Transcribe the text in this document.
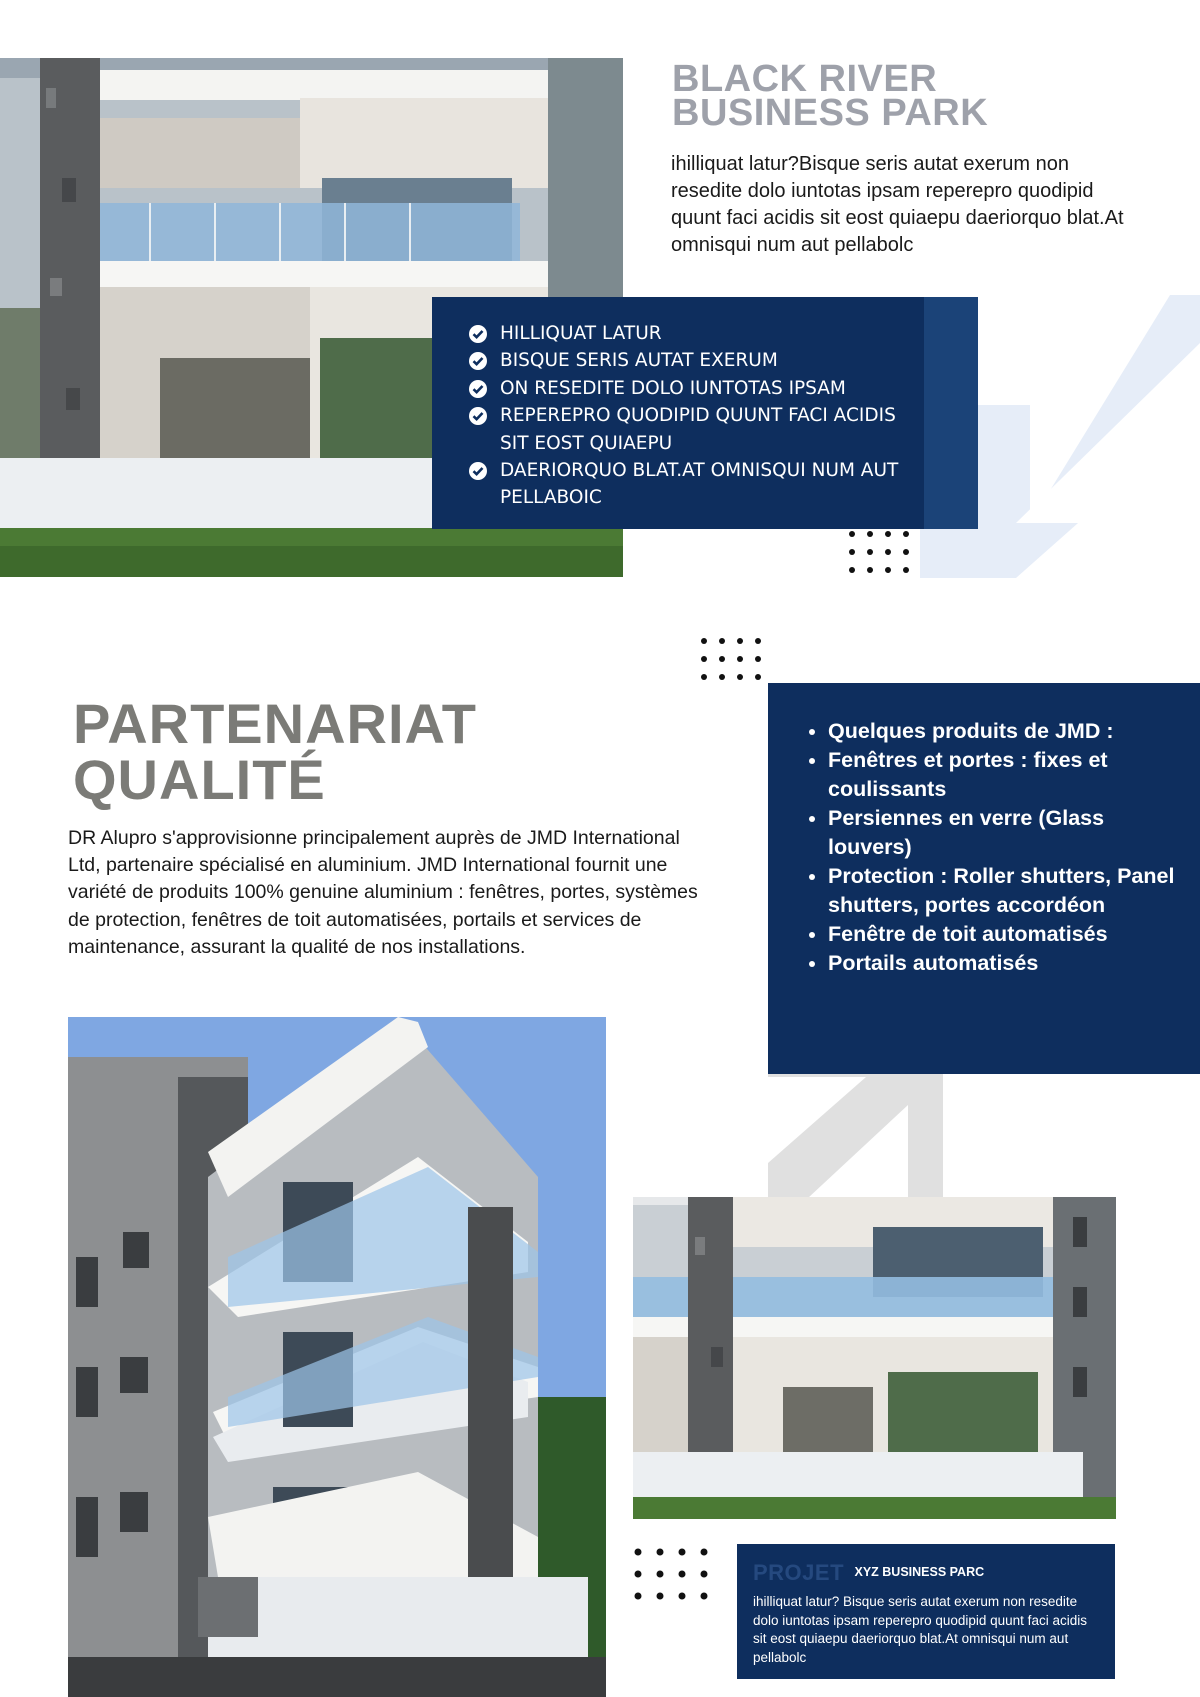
BLACK RIVER
BUSINESS PARK

ihilliquat latur?Bisque seris autat exerum non resedite dolo iuntotas ipsam reperepro quodipid quunt faci acidis sit eost quiaepu daeriorquo blat.At omnisqui num aut pellabolc

HILLIQUAT LATUR
BISQUE SERIS AUTAT EXERUM
ON RESEDITE DOLO IUNTOTAS IPSAM
REPEREPRO QUODIPID QUUNT FACI ACIDIS SIT EOST QUIAEPU
DAERIORQUO BLAT.AT OMNISQUI NUM AUT PELLABOIC
PARTENARIAT
QUALITÉ

DR Alupro s'approvisionne principalement auprès de JMD International Ltd, partenaire spécialisé en aluminium. JMD International fournit une variété de produits 100% genuine aluminium : fenêtres, portes, systèmes de protection, fenêtres de toit automatisées, portails et services de maintenance, assurant la qualité de nos installations.

• Quelques produits de JMD :
• Fenêtres et portes : fixes et coulissants
• Persiennes en verre (Glass louvers)
• Protection : Roller shutters, Panel shutters, portes accordéon
• Fenêtre de toit automatisés
• Portails automatisés
PROJET $^{XYZ BUSINESS PARC}$

ihilliquat latur? Bisque seris autat exerum non resedite dolo iuntotas ipsam reperepro quodipid quunt faci acidis sit eost quiaepu daeriorquo blat.At omnisqui num aut pellabolc
